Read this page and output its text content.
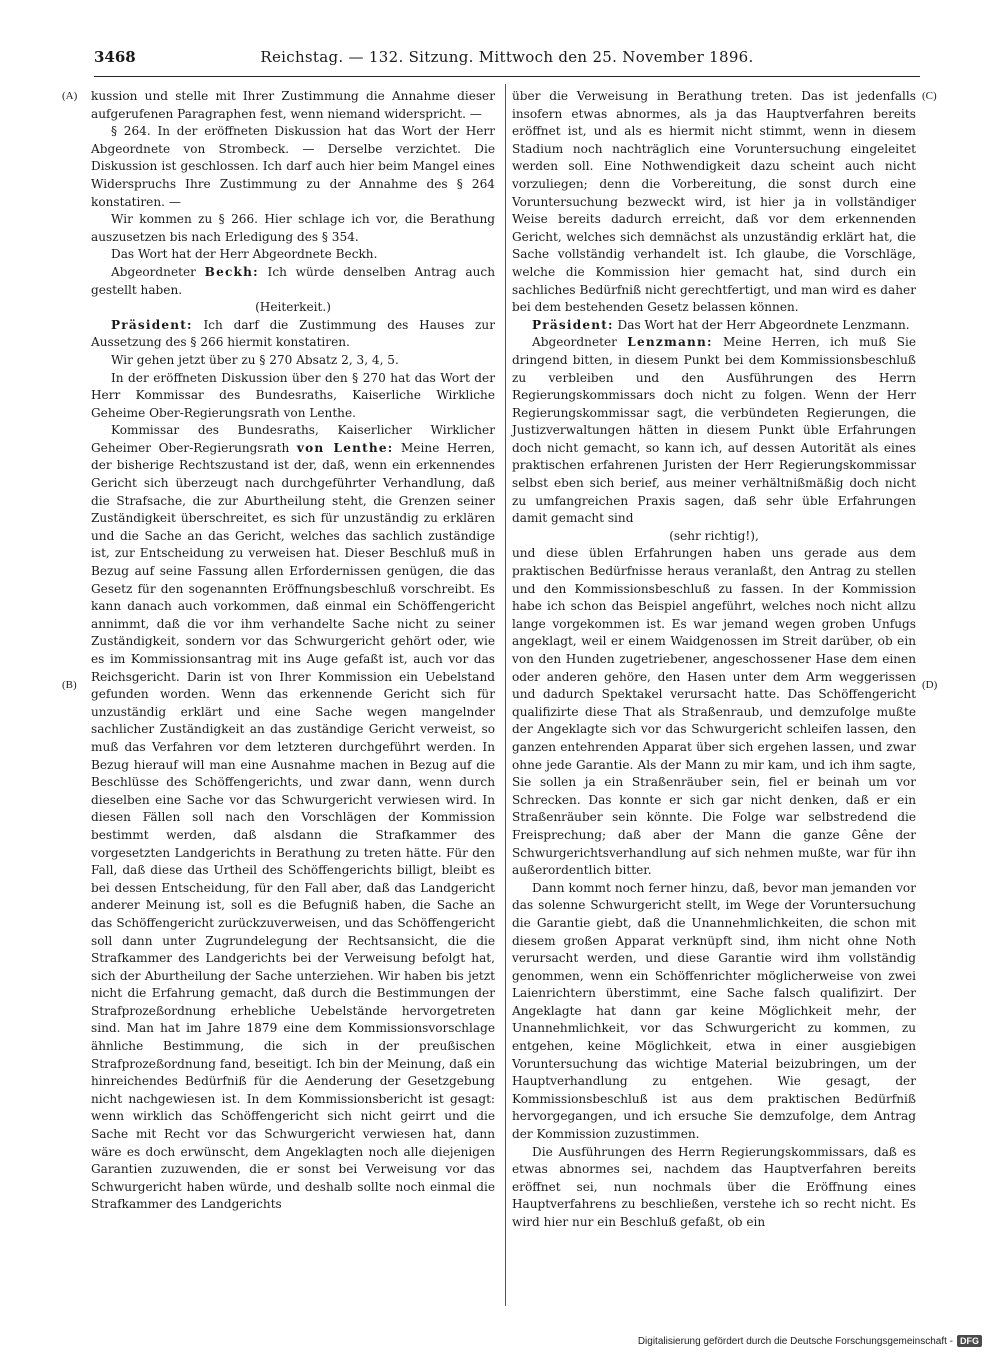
3468	Reichstag. — 132. Sitzung. Mittwoch den 25. November 1896.
(A)
(B)
(C)
(D)

kussion und stelle mit Ihrer Zustimmung die Annahme dieser aufgerufenen Paragraphen fest, wenn niemand widerspricht. —

§ 264. In der eröffneten Diskussion hat das Wort der Herr Abgeordnete von Strombeck. — Derselbe verzichtet. Die Diskussion ist geschlossen. Ich darf auch hier beim Mangel eines Widerspruchs Ihre Zustimmung zu der Annahme des § 264 konstatiren. —

Wir kommen zu § 266. Hier schlage ich vor, die Berathung auszusetzen bis nach Erledigung des § 354.

Das Wort hat der Herr Abgeordnete Beckh.

Abgeordneter Beckh: Ich würde denselben Antrag auch gestellt haben.

(Heiterkeit.)

Präsident: Ich darf die Zustimmung des Hauses zur Aussetzung des § 266 hiermit konstatiren.

Wir gehen jetzt über zu § 270 Absatz 2, 3, 4, 5.

In der eröffneten Diskussion über den § 270 hat das Wort der Herr Kommissar des Bundesraths, Kaiserliche Wirkliche Geheime Ober-Regierungsrath von Lenthe.

Kommissar des Bundesraths, Kaiserlicher Wirklicher Geheimer Ober-Regierungsrath von Lenthe: Meine Herren, der bisherige Rechtszustand ist der, daß, wenn ein erkennendes Gericht sich überzeugt nach durchgeführter Verhandlung, daß die Strafsache, die zur Aburtheilung steht, die Grenzen seiner Zuständigkeit überschreitet, es sich für unzuständig zu erklären und die Sache an das Gericht, welches das sachlich zuständige ist, zur Entscheidung zu verweisen hat. Dieser Beschluß muß in Bezug auf seine Fassung allen Erfordernissen genügen, die das Gesetz für den sogenannten Eröffnungsbeschluß vorschreibt. Es kann danach auch vorkommen, daß einmal ein Schöffengericht annimmt, daß die vor ihm verhandelte Sache nicht zu seiner Zuständigkeit, sondern vor das Schwurgericht gehört oder, wie es im Kommissionsantrag mit ins Auge gefaßt ist, auch vor das Reichsgericht. Darin ist von Ihrer Kommission ein Uebelstand gefunden worden. Wenn das erkennende Gericht sich für unzuständig erklärt und eine Sache wegen mangelnder sachlicher Zuständigkeit an das zuständige Gericht verweist, so muß das Verfahren vor dem letzteren durchgeführt werden. In Bezug hierauf will man eine Ausnahme machen in Bezug auf die Beschlüsse des Schöffengerichts, und zwar dann, wenn durch dieselben eine Sache vor das Schwurgericht verwiesen wird. In diesen Fällen soll nach den Vorschlägen der Kommission bestimmt werden, daß alsdann die Strafkammer des vorgesetzten Landgerichts in Berathung zu treten hätte. Für den Fall, daß diese das Urtheil des Schöffengerichts billigt, bleibt es bei dessen Entscheidung, für den Fall aber, daß das Landgericht anderer Meinung ist, soll es die Befugniß haben, die Sache an das Schöffengericht zurückzuverweisen, und das Schöffengericht soll dann unter Zugrundelegung der Rechtsansicht, die die Strafkammer des Landgerichts bei der Verweisung befolgt hat, sich der Aburtheilung der Sache unterziehen. Wir haben bis jetzt nicht die Erfahrung gemacht, daß durch die Bestimmungen der Strafprozeßordnung erhebliche Uebelstände hervorgetreten sind. Man hat im Jahre 1879 eine dem Kommissionsvorschlage ähnliche Bestimmung, die sich in der preußischen Strafprozeßordnung fand, beseitigt. Ich bin der Meinung, daß ein hinreichendes Bedürfniß für die Aenderung der Gesetzgebung nicht nachgewiesen ist. In dem Kommissionsbericht ist gesagt: wenn wirklich das Schöffengericht sich nicht geirrt und die Sache mit Recht vor das Schwurgericht verwiesen hat, dann wäre es doch erwünscht, dem Angeklagten noch alle diejenigen Garantien zuzuwenden, die er sonst bei Verweisung vor das Schwurgericht haben würde, und deshalb sollte noch einmal die Strafkammer des Landgerichts

über die Verweisung in Berathung treten. Das ist jedenfalls insofern etwas abnormes, als ja das Hauptverfahren bereits eröffnet ist, und als es hiermit nicht stimmt, wenn in diesem Stadium noch nachträglich eine Voruntersuchung eingeleitet werden soll. Eine Nothwendigkeit dazu scheint auch nicht vorzuliegen; denn die Vorbereitung, die sonst durch eine Voruntersuchung bezweckt wird, ist hier ja in vollständiger Weise bereits dadurch erreicht, daß vor dem erkennenden Gericht, welches sich demnächst als unzuständig erklärt hat, die Sache vollständig verhandelt ist. Ich glaube, die Vorschläge, welche die Kommission hier gemacht hat, sind durch ein sachliches Bedürfniß nicht gerechtfertigt, und man wird es daher bei dem bestehenden Gesetz belassen können.

Präsident: Das Wort hat der Herr Abgeordnete Lenzmann.

Abgeordneter Lenzmann: Meine Herren, ich muß Sie dringend bitten, in diesem Punkt bei dem Kommissionsbeschluß zu verbleiben und den Ausführungen des Herrn Regierungskommissars doch nicht zu folgen. Wenn der Herr Regierungskommissar sagt, die verbündeten Regierungen, die Justizverwaltungen hätten in diesem Punkt üble Erfahrungen doch nicht gemacht, so kann ich, auf dessen Autorität als eines praktischen erfahrenen Juristen der Herr Regierungskommissar selbst eben sich berief, aus meiner verhältnißmäßig doch nicht zu umfangreichen Praxis sagen, daß sehr üble Erfahrungen damit gemacht sind

(sehr richtig!),

und diese üblen Erfahrungen haben uns gerade aus dem praktischen Bedürfnisse heraus veranlaßt, den Antrag zu stellen und den Kommissionsbeschluß zu fassen. In der Kommission habe ich schon das Beispiel angeführt, welches noch nicht allzu lange vorgekommen ist. Es war jemand wegen groben Unfugs angeklagt, weil er einem Waidgenossen im Streit darüber, ob ein von den Hunden zugetriebener, angeschossener Hase dem einen oder anderen gehöre, den Hasen unter dem Arm weggerissen und dadurch Spektakel verursacht hatte. Das Schöffengericht qualifizirte diese That als Straßenraub, und demzufolge mußte der Angeklagte sich vor das Schwurgericht schleifen lassen, den ganzen entehrenden Apparat über sich ergehen lassen, und zwar ohne jede Garantie. Als der Mann zu mir kam, und ich ihm sagte, Sie sollen ja ein Straßenräuber sein, fiel er beinah um vor Schrecken. Das konnte er sich gar nicht denken, daß er ein Straßenräuber sein könnte. Die Folge war selbstredend die Freisprechung; daß aber der Mann die ganze Gêne der Schwurgerichtsverhandlung auf sich nehmen mußte, war für ihn außerordentlich bitter.

Dann kommt noch ferner hinzu, daß, bevor man jemanden vor das solenne Schwurgericht stellt, im Wege der Voruntersuchung die Garantie giebt, daß die Unannehmlichkeiten, die schon mit diesem großen Apparat verknüpft sind, ihm nicht ohne Noth verursacht werden, und diese Garantie wird ihm vollständig genommen, wenn ein Schöffenrichter möglicherweise von zwei Laienrichtern überstimmt, eine Sache falsch qualifizirt. Der Angeklagte hat dann gar keine Möglichkeit mehr, der Unannehmlichkeit, vor das Schwurgericht zu kommen, zu entgehen, keine Möglichkeit, etwa in einer ausgiebigen Voruntersuchung das wichtige Material beizubringen, um der Hauptverhandlung zu entgehen. Wie gesagt, der Kommissionsbeschluß ist aus dem praktischen Bedürfniß hervorgegangen, und ich ersuche Sie demzufolge, dem Antrag der Kommission zuzustimmen.

Die Ausführungen des Herrn Regierungskommissars, daß es etwas abnormes sei, nachdem das Hauptverfahren bereits eröffnet sei, nun nochmals über die Eröffnung eines Hauptverfahrens zu beschließen, verstehe ich so recht nicht. Es wird hier nur ein Beschluß gefaßt, ob ein

Digitalisierung gefördert durch die Deutsche Forschungsgemeinschaft - DFG
